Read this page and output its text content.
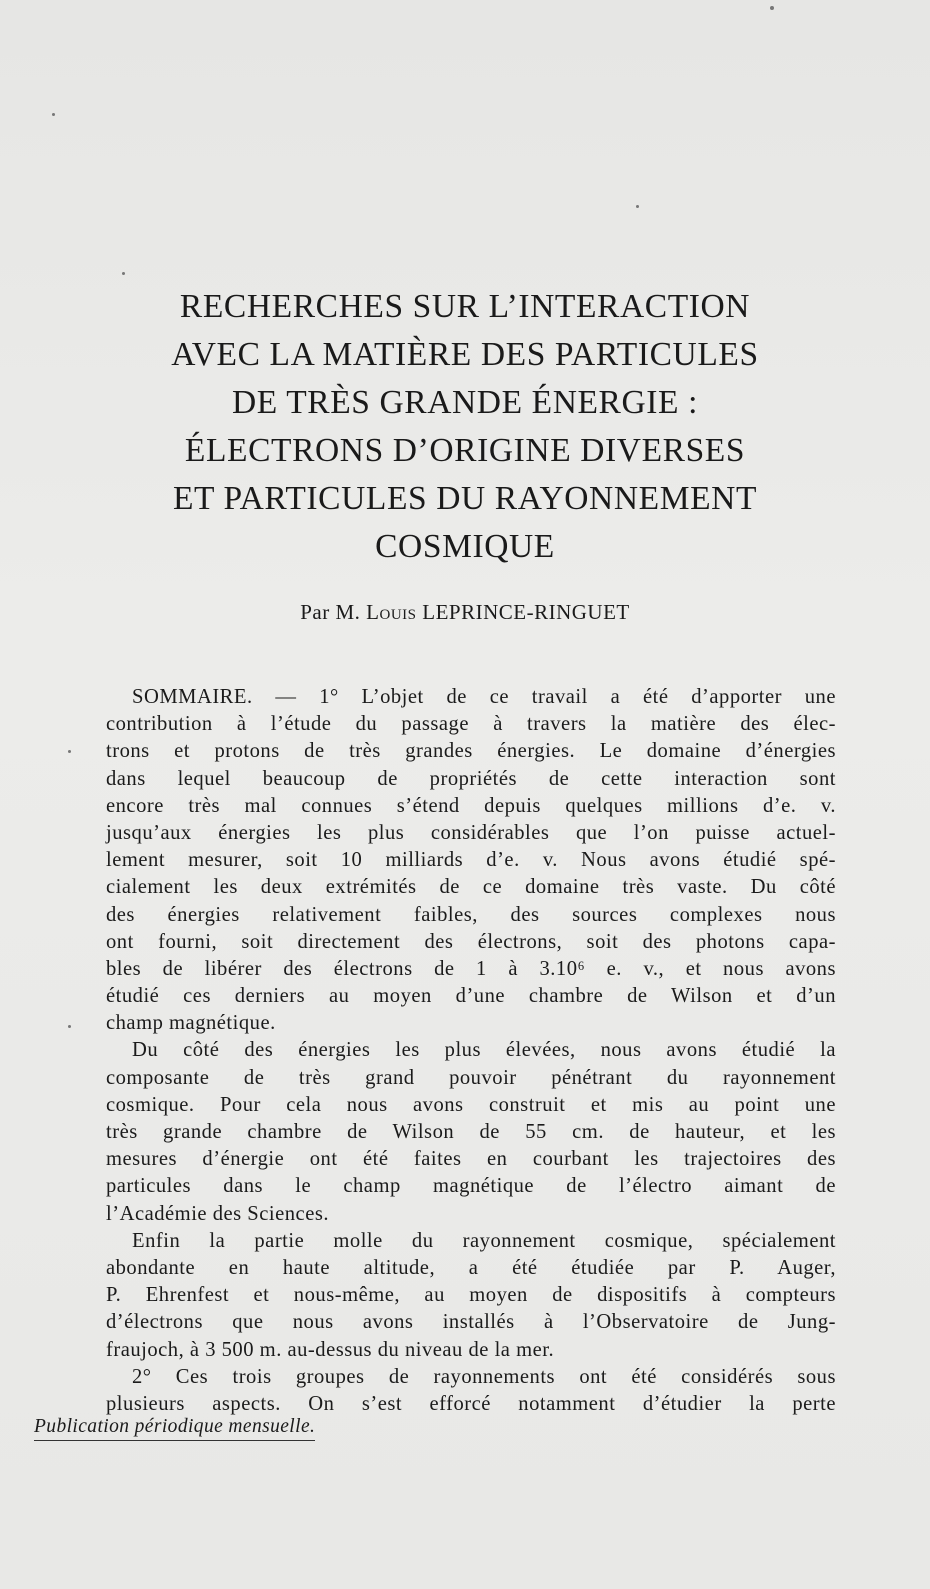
RECHERCHES SUR L’INTERACTION
AVEC LA MATIÈRE DES PARTICULES
DE TRÈS GRANDE ÉNERGIE :
ÉLECTRONS D’ORIGINE DIVERSES
ET PARTICULES DU RAYONNEMENT
COSMIQUE
Par M. Louis LEPRINCE-RINGUET
SOMMAIRE. — 1° L’objet de ce travail a été d’apporter une
contribution à l’étude du passage à travers la matière des élec-
trons et protons de très grandes énergies. Le domaine d’énergies
dans lequel beaucoup de propriétés de cette interaction sont
encore très mal connues s’étend depuis quelques millions d’e. v.
jusqu’aux énergies les plus considérables que l’on puisse actuel-
lement mesurer, soit 10 milliards d’e. v. Nous avons étudié spé-
cialement les deux extrémités de ce domaine très vaste. Du côté
des énergies relativement faibles, des sources complexes nous
ont fourni, soit directement des électrons, soit des photons capa-
bles de libérer des électrons de 1 à 3.10⁶ e. v., et nous avons
étudié ces derniers au moyen d’une chambre de Wilson et d’un
champ magnétique.
Du côté des énergies les plus élevées, nous avons étudié la
composante de très grand pouvoir pénétrant du rayonnement
cosmique. Pour cela nous avons construit et mis au point une
très grande chambre de Wilson de 55 cm. de hauteur, et les
mesures d’énergie ont été faites en courbant les trajectoires des
particules dans le champ magnétique de l’électro aimant de
l’Académie des Sciences.
Enfin la partie molle du rayonnement cosmique, spécialement
abondante en haute altitude, a été étudiée par P. Auger,
P. Ehrenfest et nous-même, au moyen de dispositifs à compteurs
d’électrons que nous avons installés à l’Observatoire de Jung-
fraujoch, à 3 500 m. au-dessus du niveau de la mer.
2° Ces trois groupes de rayonnements ont été considérés sous
plusieurs aspects. On s’est efforcé notamment d’étudier la perte
Publication périodique mensuelle.
